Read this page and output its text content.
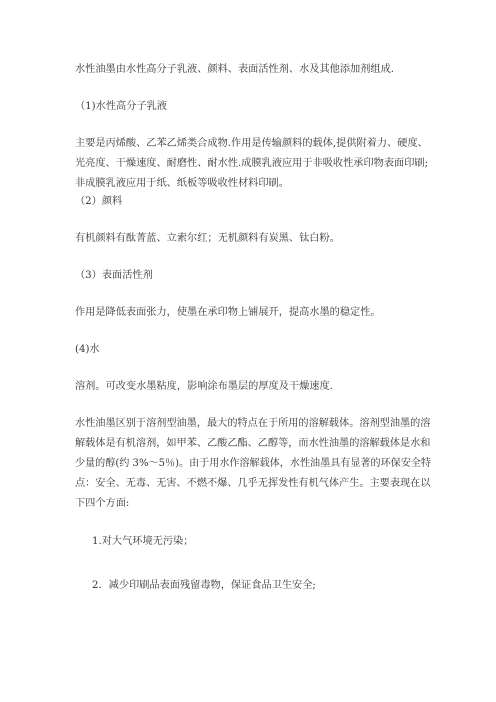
水性油墨由水性高分子乳液、颜料、表面活性剂、水及其他添加剂组成.

（1)水性高分子乳液

主要是丙烯酸、乙苯乙烯类合成物.作用是传输颜料的载体,提供附着力、硬度、
光亮度、干燥速度、耐磨性、耐水性.成膜乳液应用于非吸收性承印物表面印刷;
非成膜乳液应用于纸、纸板等吸收性材料印刷。

（2）颜料

有机颜料有酞菁蓝、立索尔红；无机颜料有炭黑、钛白粉。

（3）表面活性剂

作用是降低表面张力，使墨在承印物上铺展开，提高水墨的稳定性。

(4)水

溶剂。可改变水墨粘度，影响涂布墨层的厚度及干燥速度.

水性油墨区别于溶剂型油墨，最大的特点在于所用的溶解载体。溶剂型油墨的溶
解载体是有机溶剂，如甲苯、乙酸乙酯、乙醇等，而水性油墨的溶解载体是水和
少量的醇(约 3%～5％)。由于用水作溶解载体，水性油墨具有显著的环保安全特
点：安全、无毒、无害、不燃不爆、几乎无挥发性有机气体产生。主要表现在以
下四个方面:

1.对大气环境无污染；

2．减少印刷品表面残留毒物，保证食品卫生安全;
